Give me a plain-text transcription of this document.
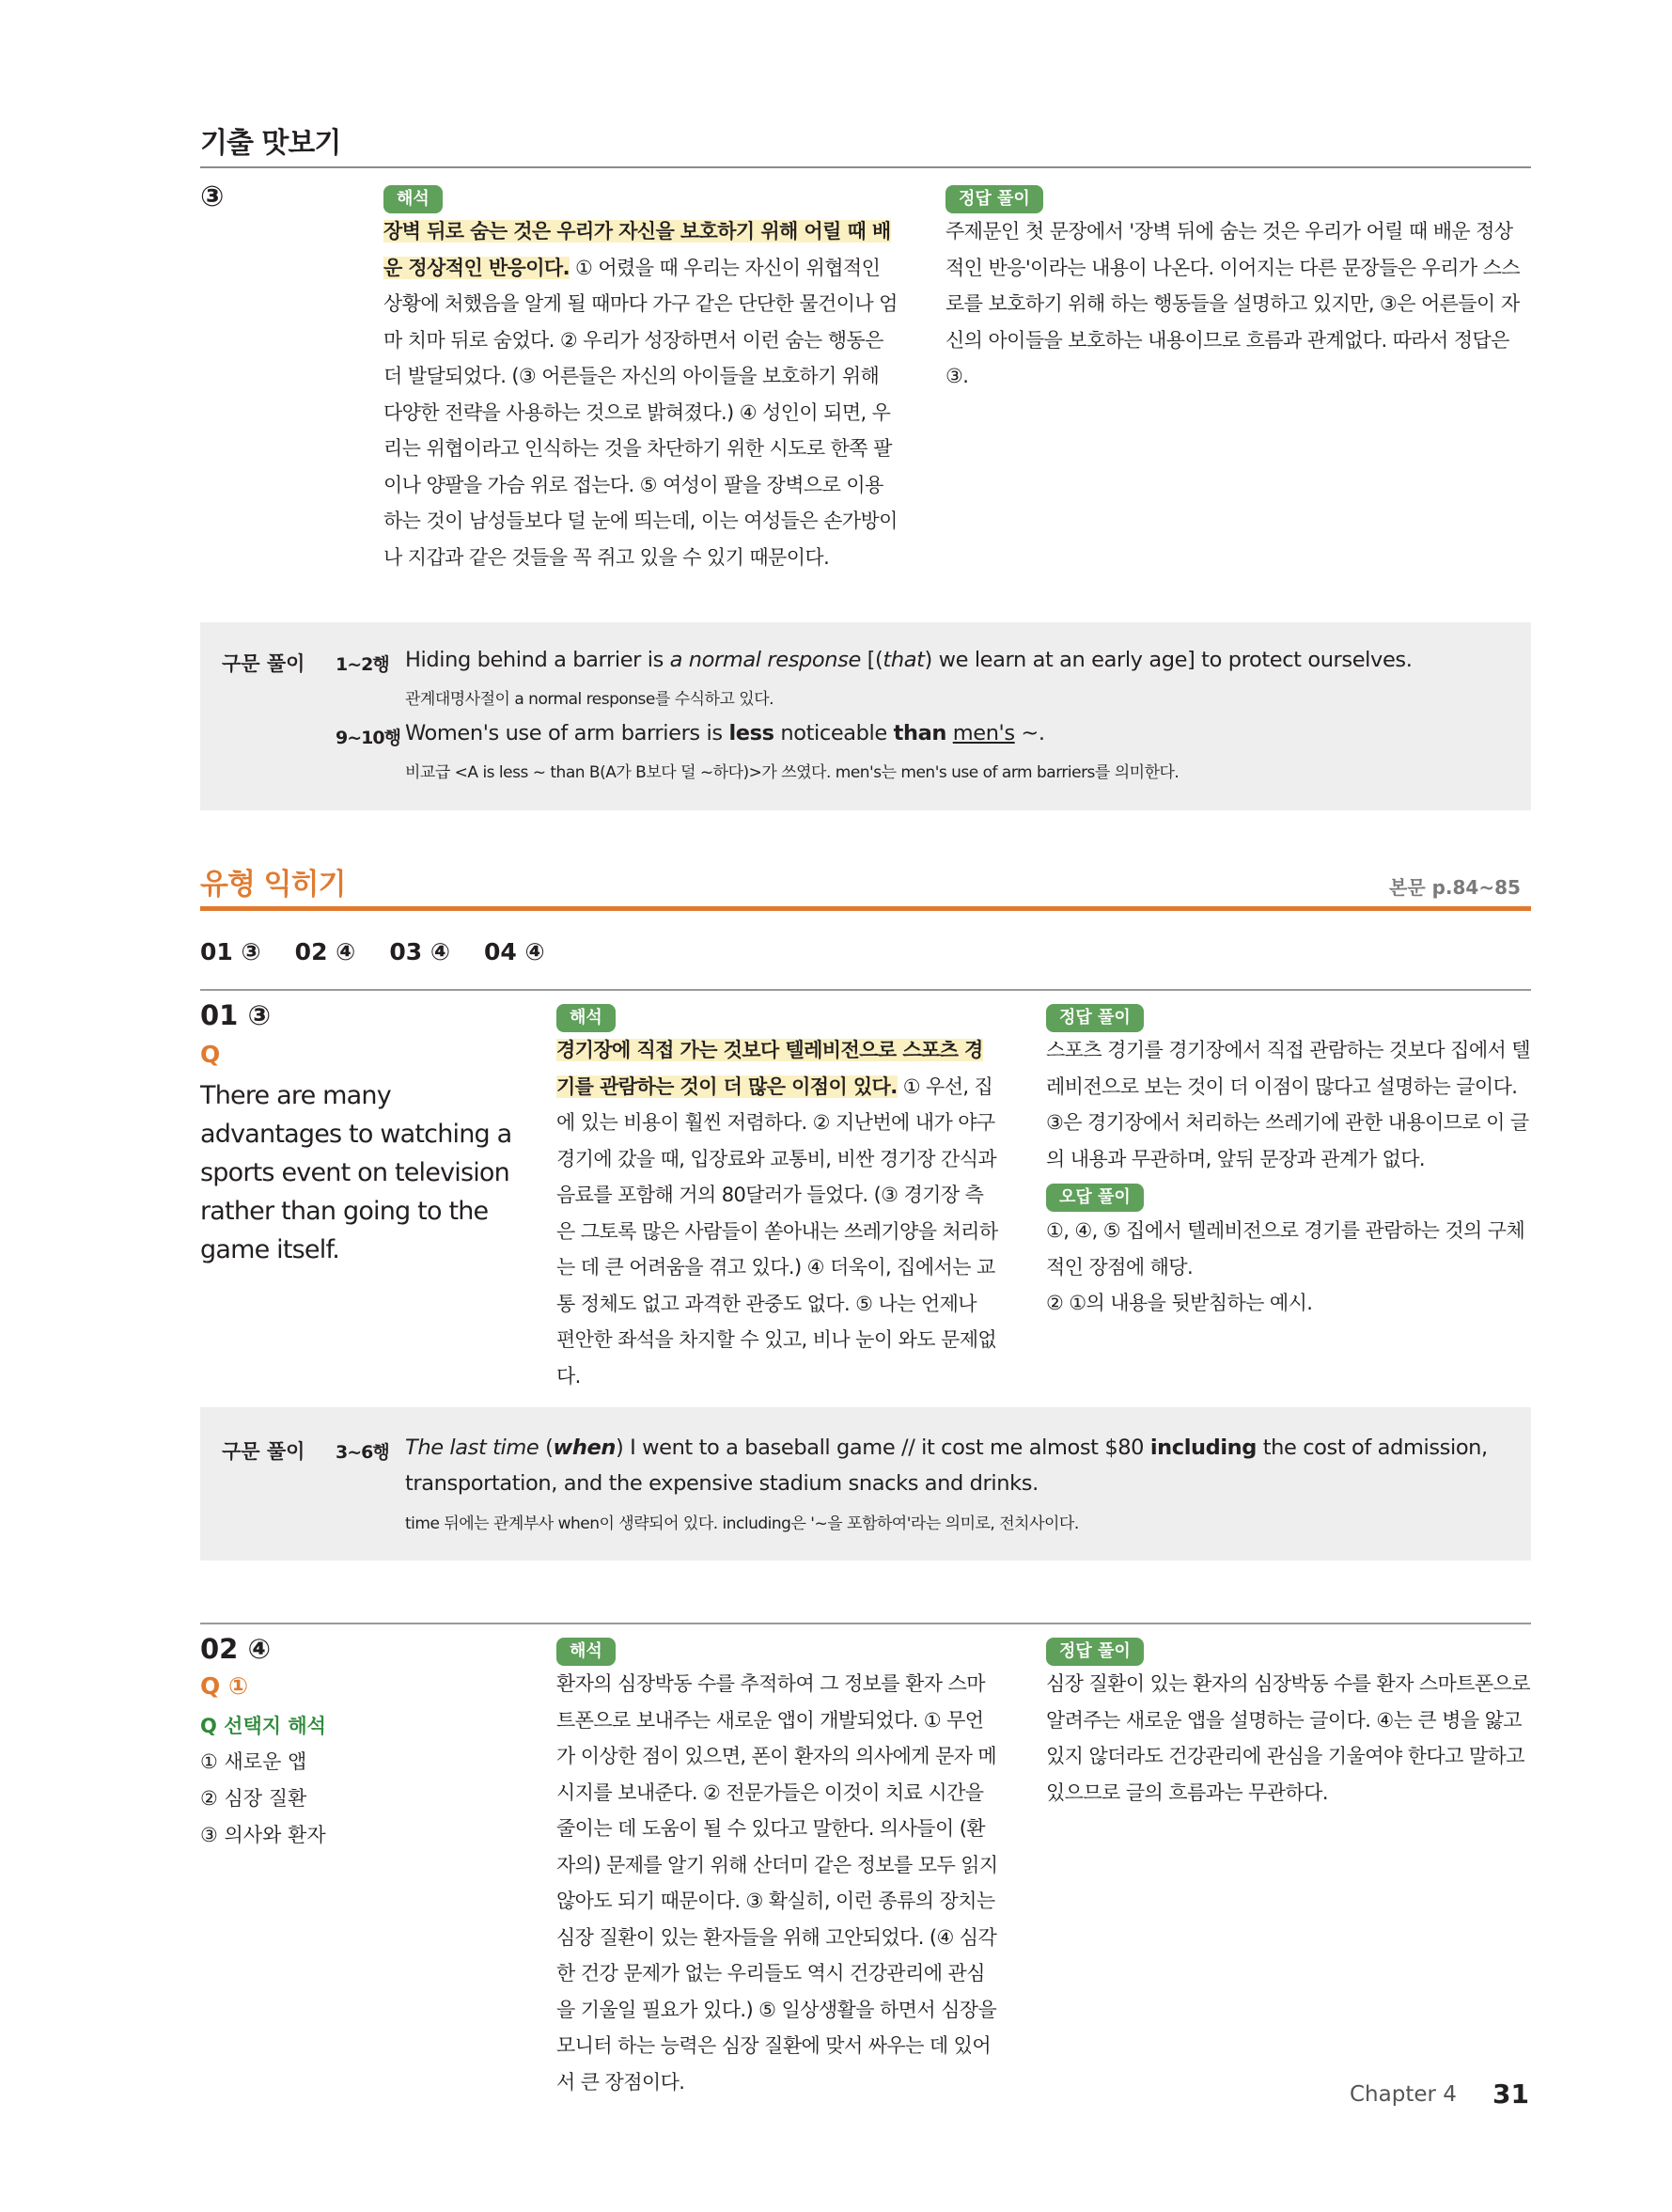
기출 맛보기
③	해석
장벽 뒤로 숨는 것은 우리가 자신을 보호하기 위해 어릴 때 배운 정상적인 반응이다. ① 어렸을 때 우리는 자신이 위협적인 상황에 처했음을 알게 될 때마다 가구 같은 단단한 물건이나 엄마 치마 뒤로 숨었다. ② 우리가 성장하면서 이런 숨는 행동은 더 발달되었다. (③ 어른들은 자신의 아이들을 보호하기 위해 다양한 전략을 사용하는 것으로 밝혀졌다.) ④ 성인이 되면, 우리는 위협이라고 인식하는 것을 차단하기 위한 시도로 한쪽 팔이나 양팔을 가슴 위로 접는다. ⑤ 여성이 팔을 장벽으로 이용하는 것이 남성들보다 덜 눈에 띄는데, 이는 여성들은 손가방이나 지갑과 같은 것들을 꼭 쥐고 있을 수 있기 때문이다.
정답 풀이
주제문인 첫 문장에서 '장벽 뒤에 숨는 것은 우리가 어릴 때 배운 정상적인 반응'이라는 내용이 나온다. 이어지는 다른 문장들은 우리가 스스로를 보호하기 위해 하는 행동들을 설명하고 있지만, ③은 어른들이 자신의 아이들을 보호하는 내용이므로 흐름과 관계없다. 따라서 정답은 ③.
구문 풀이 1~2행 Hiding behind a barrier is a normal response [(that) we learn at an early age] to protect ourselves.
관계대명사절이 a normal response를 수식하고 있다.
9~10행 Women's use of arm barriers is less noticeable than men's ~.
비교급 <A is less ~ than B(A가 B보다 덜 ~하다)>가 쓰였다. men's는 men's use of arm barriers를 의미한다.
유형 익히기	본문 p.84~85
01 ③ 02 ④ 03 ④ 04 ④
01 ③
Q
There are many advantages to watching a sports event on television rather than going to the game itself.
해석
경기장에 직접 가는 것보다 텔레비전으로 스포츠 경기를 관람하는 것이 더 많은 이점이 있다. ① 우선, 집에 있는 비용이 훨씬 저렴하다. ② 지난번에 내가 야구 경기에 갔을 때, 입장료와 교통비, 비싼 경기장 간식과 음료를 포함해 거의 80달러가 들었다. (③ 경기장 측은 그토록 많은 사람들이 쏟아내는 쓰레기양을 처리하는 데 큰 어려움을 겪고 있다.) ④ 더욱이, 집에서는 교통 정체도 없고 과격한 관중도 없다. ⑤ 나는 언제나 편안한 좌석을 차지할 수 있고, 비나 눈이 와도 문제없다.
정답 풀이
스포츠 경기를 경기장에서 직접 관람하는 것보다 집에서 텔레비전으로 보는 것이 더 이점이 많다고 설명하는 글이다. ③은 경기장에서 처리하는 쓰레기에 관한 내용이므로 이 글의 내용과 무관하며, 앞뒤 문장과 관계가 없다.
오답 풀이
①, ④, ⑤ 집에서 텔레비전으로 경기를 관람하는 것의 구체적인 장점에 해당.
② ①의 내용을 뒷받침하는 예시.
구문 풀이 3~6행 The last time (when) I went to a baseball game // it cost me almost $80 including the cost of admission,
transportation, and the expensive stadium snacks and drinks.
time 뒤에는 관계부사 when이 생략되어 있다. including은 '~을 포함하여'라는 의미로, 전치사이다.
02 ④
Q ①
Q 선택지 해석
① 새로운 앱
② 심장 질환
③ 의사와 환자
해석
환자의 심장박동 수를 추적하여 그 정보를 환자 스마트폰으로 보내주는 새로운 앱이 개발되었다. ① 무언가 이상한 점이 있으면, 폰이 환자의 의사에게 문자 메시지를 보내준다. ② 전문가들은 이것이 치료 시간을 줄이는 데 도움이 될 수 있다고 말한다. 의사들이 (환자의) 문제를 알기 위해 산더미 같은 정보를 모두 읽지 않아도 되기 때문이다. ③ 확실히, 이런 종류의 장치는 심장 질환이 있는 환자들을 위해 고안되었다. (④ 심각한 건강 문제가 없는 우리들도 역시 건강관리에 관심을 기울일 필요가 있다.) ⑤ 일상생활을 하면서 심장을 모니터 하는 능력은 심장 질환에 맞서 싸우는 데 있어서 큰 장점이다.
정답 풀이
심장 질환이 있는 환자의 심장박동 수를 환자 스마트폰으로 알려주는 새로운 앱을 설명하는 글이다. ④는 큰 병을 앓고 있지 않더라도 건강관리에 관심을 기울여야 한다고 말하고 있으므로 글의 흐름과는 무관하다.
Chapter 4 31
